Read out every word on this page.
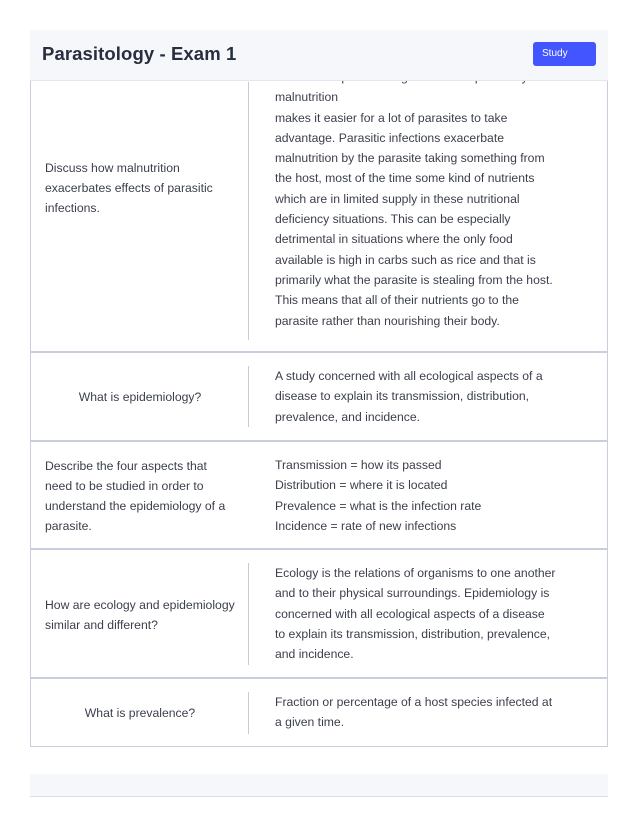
Parasitology - Exam 1	Study
Discuss how malnutrition exacerbates effects of parasitic infections.
malnutrition
makes it easier for a lot of parasites to take
advantage. Parasitic infections exacerbate
malnutrition by the parasite taking something from
the host, most of the time some kind of nutrients
which are in limited supply in these nutritional
deficiency situations. This can be especially
detrimental in situations where the only food
available is high in carbs such as rice and that is
primarily what the parasite is stealing from the host.
This means that all of their nutrients go to the
parasite rather than nourishing their body.
What is epidemiology?
A study concerned with all ecological aspects of a
disease to explain its transmission, distribution,
prevalence, and incidence.
Describe the four aspects that need to be studied in order to understand the epidemiology of a parasite.
Transmission = how its passed
Distribution = where it is located
Prevalence = what is the infection rate
Incidence = rate of new infections
How are ecology and epidemiology similar and different?
Ecology is the relations of organisms to one another
and to their physical surroundings. Epidemiology is
concerned with all ecological aspects of a disease
to explain its transmission, distribution, prevalence,
and incidence.
What is prevalence?
Fraction or percentage of a host species infected at
a given time.
